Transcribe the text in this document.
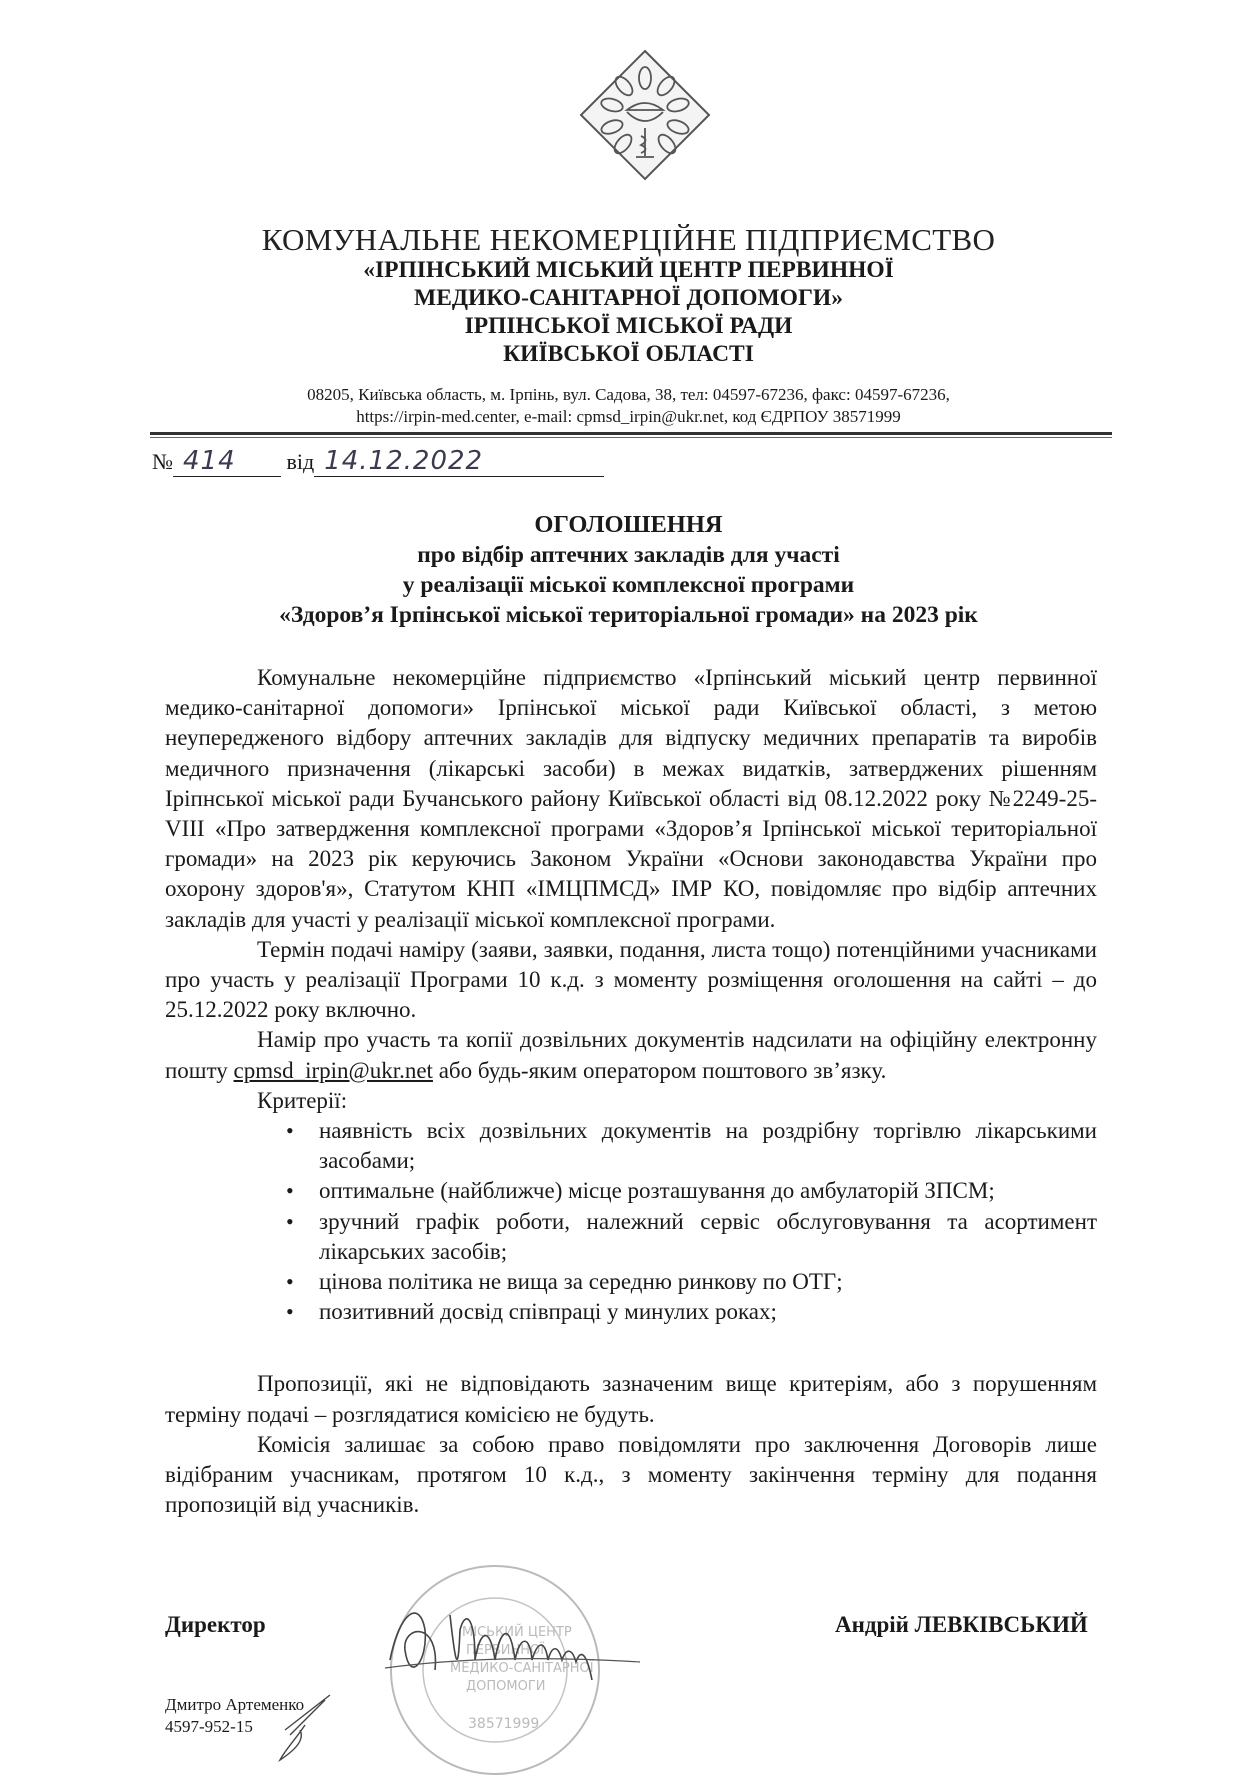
КОМУНАЛЬНЕ НЕКОМЕРЦІЙНЕ ПІДПРИЄМСТВО
«ІРПІНСЬКИЙ МІСЬКИЙ ЦЕНТР ПЕРВИННОЇ
МЕДИКО-САНІТАРНОЇ ДОПОМОГИ»
ІРПІНСЬКОЇ МІСЬКОЇ РАДИ
КИЇВСЬКОЇ ОБЛАСТІ
08205, Київська область, м. Ірпінь, вул. Садова, 38, тел: 04597-67236, факс: 04597-67236,
https://irpin-med.center, e-mail: cpmsd_irpin@ukr.net, код ЄДРПОУ 38571999
№ 414 від 14.12.2022
ОГОЛОШЕННЯ
про відбір аптечних закладів для участі
у реалізації міської комплексної програми
«Здоров’я Ірпінської міської територіальної громади» на 2023 рік

Комунальне некомерційне підприємство «Ірпінський міський центр первинної медико-санітарної допомоги» Ірпінської міської ради Київської області, з метою неупередженого відбору аптечних закладів для відпуску медичних препаратів та виробів медичного призначення (лікарські засоби) в межах видатків, затверджених рішенням Іріпнської міської ради Бучанського району Київської області від 08.12.2022 року №2249-25-VIII «Про затвердження комплексної програми «Здоров’я Ірпінської міської територіальної громади» на 2023 рік керуючись Законом України «Основи законодавства України про охорону здоров'я», Статутом КНП «ІМЦПМСД» ІМР КО, повідомляє про відбір аптечних закладів для участі у реалізації міської комплексної програми.

Термін подачі наміру (заяви, заявки, подання, листа тощо) потенційними учасниками про участь у реалізації Програми 10 к.д. з моменту розміщення оголошення на сайті – до 25.12.2022 року включно.

Намір про участь та копії дозвільних документів надсилати на офіційну електронну пошту cpmsd_irpin@ukr.net або будь-яким оператором поштового зв’язку.

Критерії:

• наявність всіх дозвільних документів на роздрібну торгівлю лікарськими засобами;
• оптимальне (найближче) місце розташування до амбулаторій ЗПСМ;
• зручний графік роботи, належний сервіс обслуговування та асортимент лікарських засобів;
• цінова політика не вища за середню ринкову по ОТГ;
• позитивний досвід співпраці у минулих роках;

Пропозиції, які не відповідають зазначеним вище критеріям, або з порушенням терміну подачі – розглядатися комісією не будуть.

Комісія залишає за собою право повідомляти про заключення Договорів лише відібраним учасникам, протягом 10 к.д., з моменту закінчення терміну для подання пропозицій від учасників.

МІСЬКИЙ ЦЕНТР
ПЕРВИННОЇ
МЕДИКО-САНІТАРНОЇ
ДОПОМОГИ
38571999
Директор	Андрій ЛЕВКІВСЬКИЙ
Дмитро Артеменко
4597-952-15
